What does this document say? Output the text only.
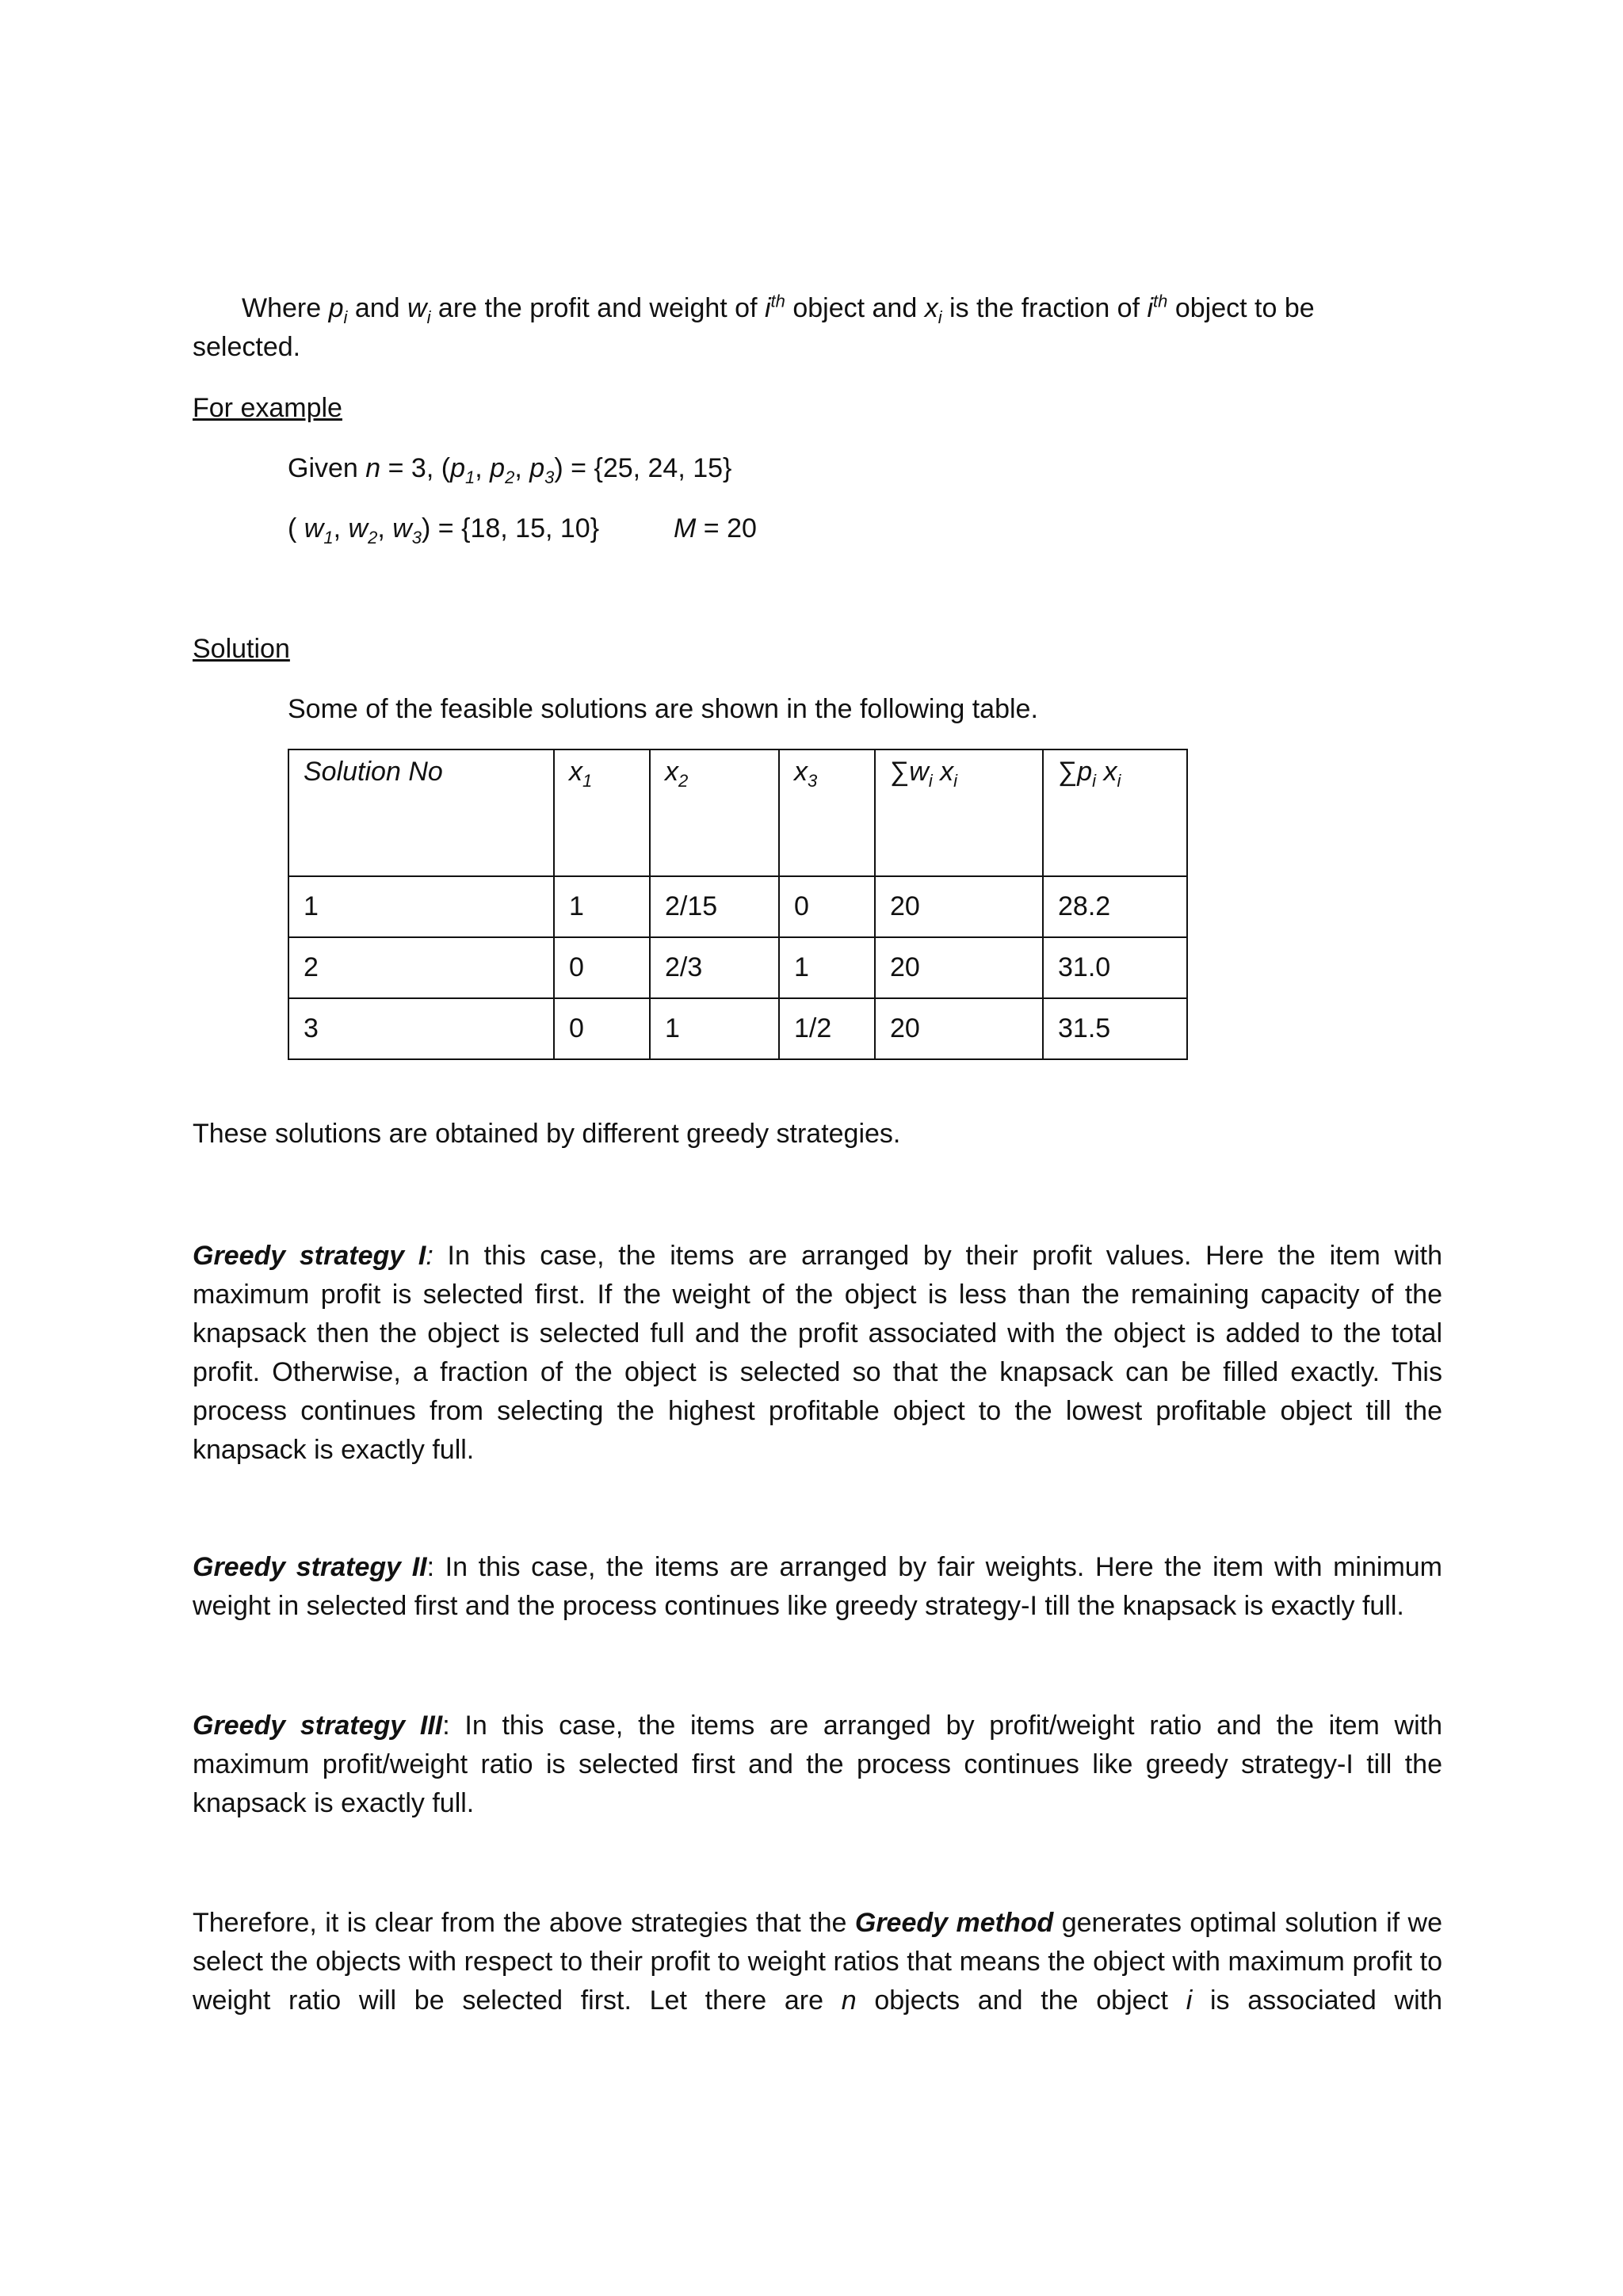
Where $p_i$ and $w_i$ are the profit and weight of $i^{th}$ object and $x_i$ is the fraction of $i^{th}$ object to be
selected.
For example
Given n = 3, ($p_1$, $p_2$, $p_3) = \{25$, 24, 15}
( $w_1$, $w_2$, $w_3) = \{18$, 15, 10}	M = 20
Solution
Some of the feasible solutions are shown in the following table.
Solution No	$x_1$	$x_2$	$x_3$	$\sum w_i$ $x_i$	$\sum p_i$ $x_i$
1	1	2/15	0	20	28.2
2	0	2/3	1	20	31.0
3	0	1	1/2	20	31.5
These solutions are obtained by different greedy strategies.
Greedy strategy I: In this case, the items are arranged by their profit values. Here the item with maximum profit is selected first. If the weight of the object is less than the remaining capacity of the knapsack then the object is selected full and the profit associated with the object is added to the total profit. Otherwise, a fraction of the object is selected so that the knapsack can be filled exactly. This process continues from selecting the highest profitable object to the lowest profitable object till the knapsack is exactly full.
Greedy strategy II: In this case, the items are arranged by fair weights. Here the item with minimum weight in selected first and the process continues like greedy strategy-I till the knapsack is exactly full.
Greedy strategy III: In this case, the items are arranged by profit/weight ratio and the item with maximum profit/weight ratio is selected first and the process continues like greedy strategy-I till the knapsack is exactly full.
Therefore, it is clear from the above strategies that the Greedy method generates optimal solution if we select the objects with respect to their profit to weight ratios that means the object with maximum profit to weight ratio will be selected first. Let there are n objects and the object i is associated with
